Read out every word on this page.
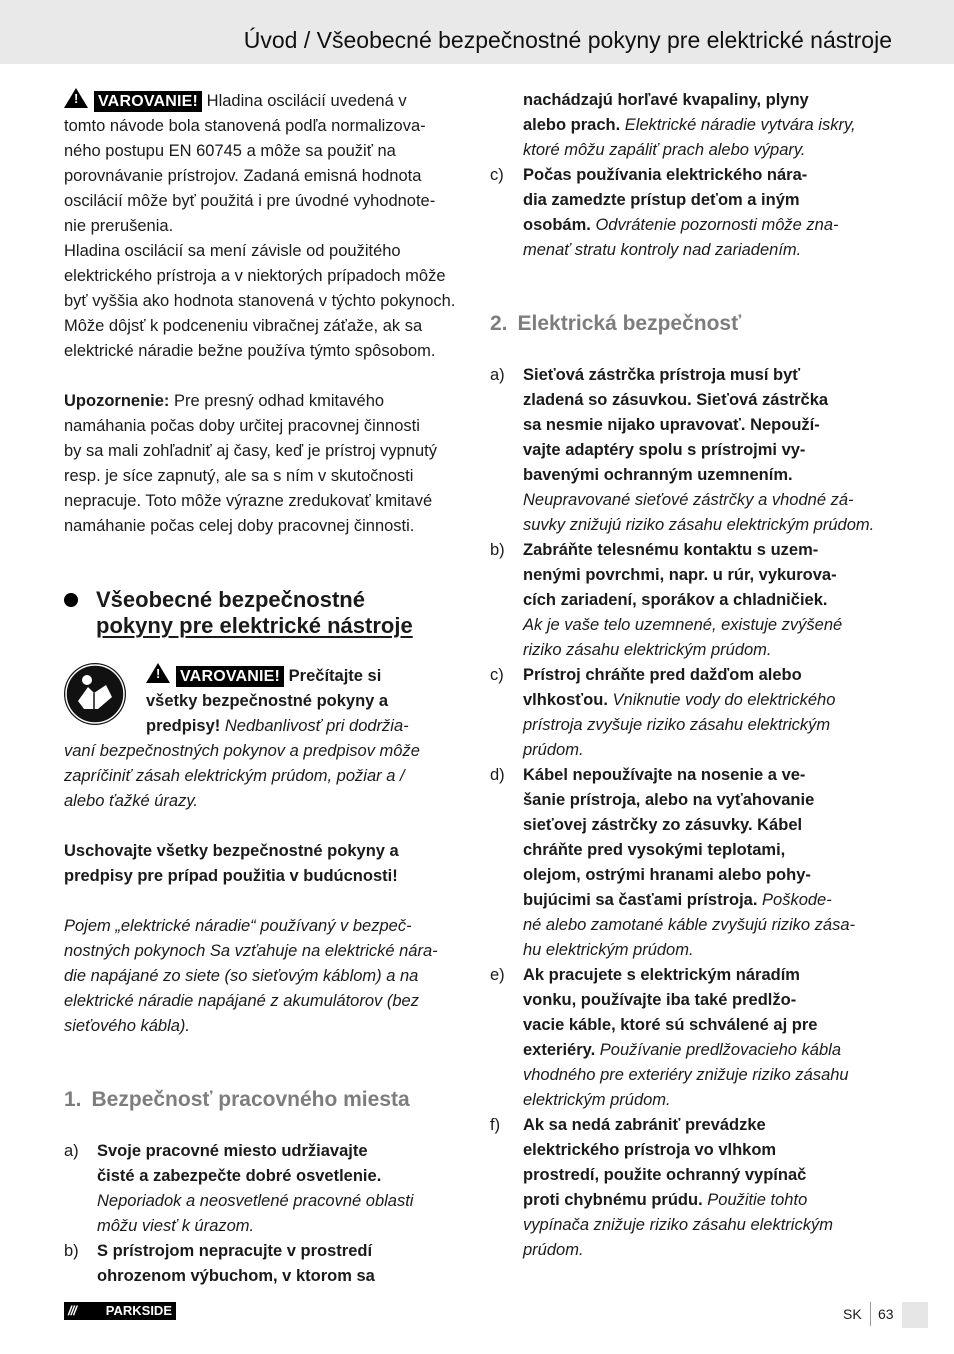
Úvod / Všeobecné bezpečnostné pokyny pre elektrické nástroje

! VAROVANIE! Hladina oscilácií uvedená v

tomto návode bola stanovená podľa normalizova-

ného postupu EN 60745 a môže sa použiť na

porovnávanie prístrojov. Zadaná emisná hodnota

oscilácií môže byť použitá i pre úvodné vyhodnote-

nie prerušenia.

Hladina oscilácií sa mení závisle od použitého

elektrického prístroja a v niektorých prípadoch môže

byť vyššia ako hodnota stanovená v týchto pokynoch.

Môže dôjsť k podceneniu vibračnej záťaže, ak sa

elektrické náradie bežne používa týmto spôsobom.

Upozornenie: Pre presný odhad kmitavého

namáhania počas doby určitej pracovnej činnosti

by sa mali zohľadniť aj časy, keď je prístroj vypnutý

resp. je síce zapnutý, ale sa s ním v skutočnosti

nepracuje. Toto môže výrazne zredukovať kmitavé

namáhanie počas celej doby pracovnej činnosti.

Všeobecné bezpečnostné
pokyny pre elektrické nástroje

! VAROVANIE! Prečítajte si

všetky bezpečnostné pokyny a

predpisy! Nedbanlivosť pri dodržia-

vaní bezpečnostných pokynov a predpisov môže

zapríčiniť zásah elektrickým prúdom, požiar a /

alebo ťažké úrazy.

Uschovajte všetky bezpečnostné pokyny a

predpisy pre prípad použitia v budúcnosti!

Pojem „elektrické náradie“ používaný v bezpeč-

nostných pokynoch Sa vzťahuje na elektrické nára-

die napájané zo siete (so sieťovým káblom) a na

elektrické náradie napájané z akumulátorov (bez

sieťového kábla).

1. Bezpečnosť pracovného miesta
a) Svoje pracovné miesto udržiavajte

čisté a zabezpečte dobré osvetlenie.

Neporiadok a neosvetlené pracovné oblasti

môžu viesť k úrazom.

b) S prístrojom nepracujte v prostredí

ohrozenom výbuchom, v ktorom sa

nachádzajú horľavé kvapaliny, plyny

alebo prach. Elektrické náradie vytvára iskry,

ktoré môžu zapáliť prach alebo výpary.

c) Počas používania elektrického nára-

dia zamedzte prístup deťom a iným

osobám. Odvrátenie pozornosti môže zna-

menať stratu kontroly nad zariadením.

2. Elektrická bezpečnosť
a) Sieťová zástrčka prístroja musí byť

zladená so zásuvkou. Sieťová zástrčka

sa nesmie nijako upravovať. Nepouží-

vajte adaptéry spolu s prístrojmi vy-

bavenými ochranným uzemnením.

Neupravované sieťové zástrčky a vhodné zá-

suvky znižujú riziko zásahu elektrickým prúdom.

b) Zabráňte telesnému kontaktu s uzem-

nenými povrchmi, napr. u rúr, vykurova-

cích zariadení, sporákov a chladničiek.

Ak je vaše telo uzemnené, existuje zvýšené

riziko zásahu elektrickým prúdom.

c) Prístroj chráňte pred dažďom alebo

vlhkosťou. Vniknutie vody do elektrického

prístroja zvyšuje riziko zásahu elektrickým

prúdom.

d) Kábel nepoužívajte na nosenie a ve-

šanie prístroja, alebo na vyťahovanie

sieťovej zástrčky zo zásuvky. Kábel

chráňte pred vysokými teplotami,

olejom, ostrými hranami alebo pohy-

bujúcimi sa časťami prístroja. Poškode-

né alebo zamotané káble zvyšujú riziko zása-

hu elektrickým prúdom.

e) Ak pracujete s elektrickým náradím

vonku, používajte iba také predlžo-

vacie káble, ktoré sú schválené aj pre

exteriéry. Používanie predlžovacieho kábla

vhodného pre exteriéry znižuje riziko zásahu

elektrickým prúdom.

f) Ak sa nedá zabrániť prevádzke

elektrického prístroja vo vlhkom

prostredí, použite ochranný vypínač

proti chybnému prúdu. Použitie tohto

vypínača znižuje riziko zásahu elektrickým

prúdom.

/// PARKSIDE	SK 63
